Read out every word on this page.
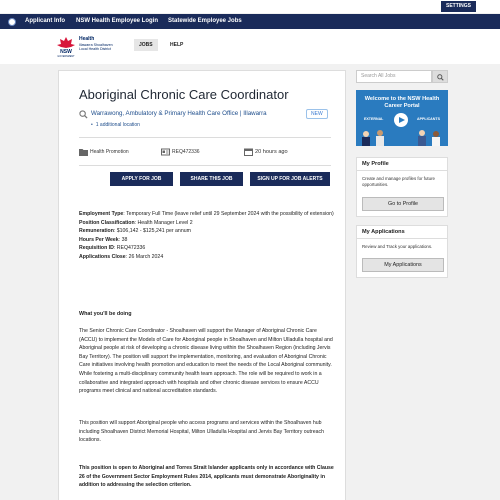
SETTINGS
Applicant Info NSW Health Employee Login Statewide Employee Jobs
NSW
GOVERNMENT
Health
Illawarra Shoalhaven
Local Health District
JOBS	HELP
Aboriginal Chronic Care Coordinator
Warrawong, Ambulatory & Primary Health Care Office | Illawarra
• 1 additional location
NEW
Health Promotion	REQ472336	20 hours ago
APPLY FOR JOB	SHARE THIS JOB	SIGN UP FOR JOB ALERTS
Employment Type: Temporary Full Time (leave relief until 29 September 2024 with the possibility of extension)
Position Classification: Health Manager Level 2
Remuneration: $106,142 - $125,241 per annum
Hours Per Week: 38
Requisition ID: REQ472336
Applications Close: 26 March 2024
What you'll be doing
The Senior Chronic Care Coordinator - Shoalhaven will support the Manager of Aboriginal Chronic Care (ACCU) to implement the Models of Care for Aboriginal people in Shoalhaven and Milton Ulladulla hospital and Aboriginal people at risk of developing a chronic disease living within the Shoalhaven Region (including Jervis Bay Territory). The position will support the implementation, monitoring, and evaluation of Aboriginal Chronic Care initiatives involving health promotion and education to meet the needs of the Local Aboriginal community. While fostering a multi-disciplinary community health team approach. The role will be required to work in a collaborative and integrated approach with hospitals and other chronic disease services to ensure ACCU programs meet clinical and national accreditation standards.
This position will support Aboriginal people who access programs and services within the Shoalhaven hub including Shoalhaven District Memorial Hospital, Milton Ulladulla Hospital and Jervis Bay Territory outreach locations.
This position is open to Aboriginal and Torres Strait Islander applicants only in accordance with Clause 26 of the Government Sector Employment Rules 2014, applicants must demonstrate Aboriginality in addition to addressing the selection criterion.
Search All Jobs
Welcome to the NSW Health Career Portal
EXTERNAL	APPLICANTS
My Profile
Create and manage profiles for future opportunities.
Go to Profile
My Applications
Review and Track your applications.
My Applications
